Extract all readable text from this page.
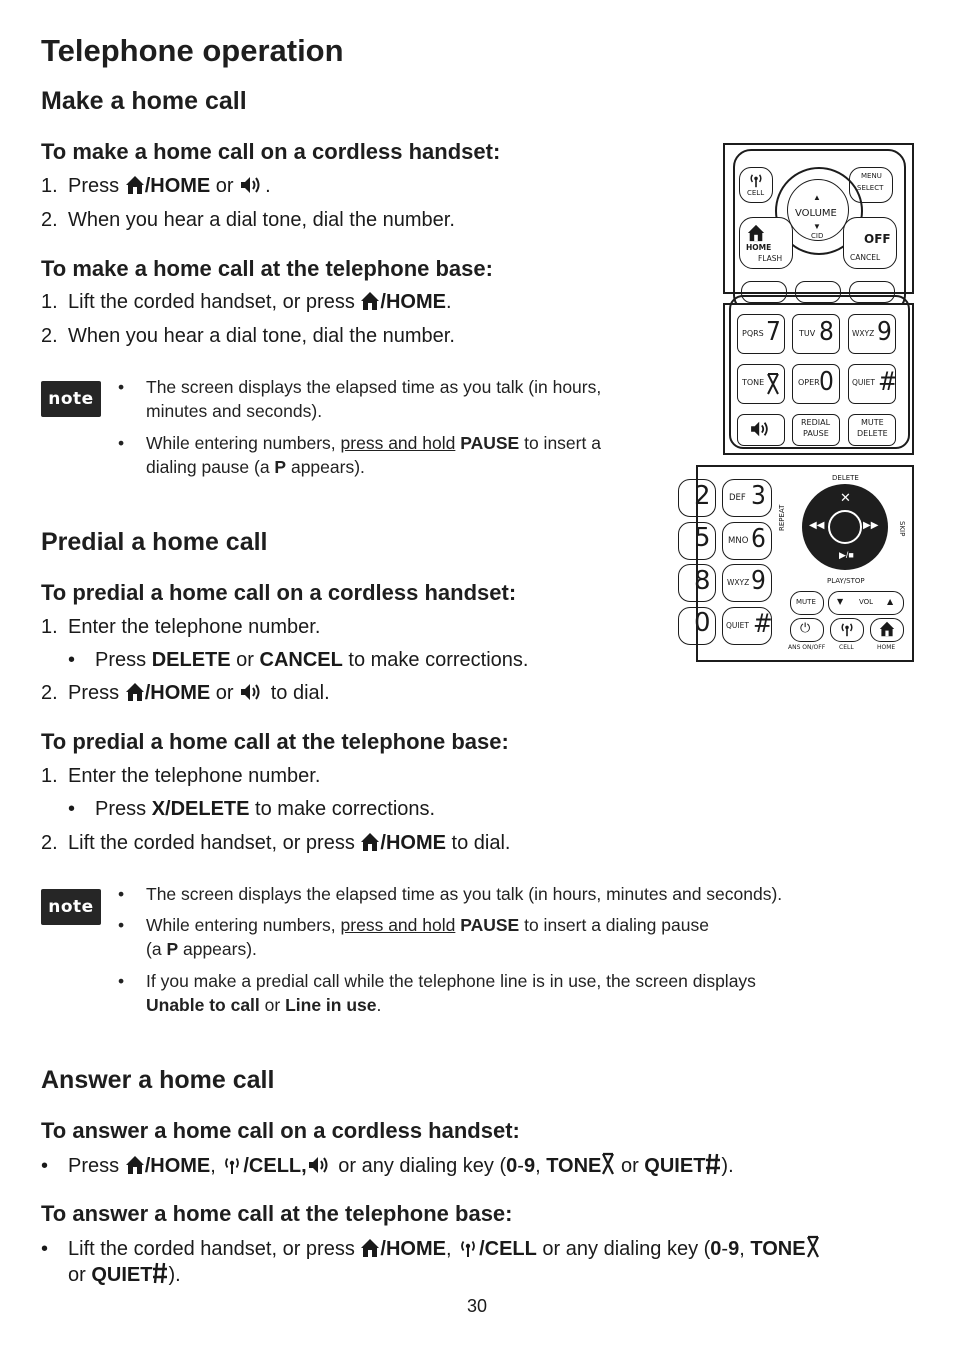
Telephone operation
Make a home call
To make a home call on a cordless handset:
1. Press /HOME or .
2. When you hear a dial tone, dial the number.
To make a home call at the telephone base:
1. Lift the corded handset, or press /HOME.
2. When you hear a dial tone, dial the number.
note
• The screen displays the elapsed time as you talk (in hours,
minutes and seconds).
• While entering numbers, press and hold PAUSE to insert a
dialing pause (a P appears).
Predial a home call
To predial a home call on a cordless handset:
1. Enter the telephone number.
• Press DELETE or CANCEL to make corrections.
2. Press /HOME or  to dial.
To predial a home call at the telephone base:
1. Enter the telephone number.
• Press X/DELETE to make corrections.
2. Lift the corded handset, or press /HOME to dial.
note
• The screen displays the elapsed time as you talk (in hours, minutes and seconds).
• While entering numbers, press and hold PAUSE to insert a dialing pause
(a P appears).
• If you make a predial call while the telephone line is in use, the screen displays
Unable to call or Line in use.
Answer a home call
To answer a home call on a cordless handset:
• Press /HOME, /CELL, or any dialing key (0-9, TONE or QUIET ).
To answer a home call at the telephone base:
• Lift the corded handset, or press /HOME, /CELL or any dialing key (0-9, TONE
or QUIET ).
30
CELL
MENU
SELECT
▲
VOLUME
▼
CID
HOME
FLASH
OFF
CANCEL
PQRS 7 TUV 8 WXYZ 9
TONE	OPER 0 QUIET #
REDIAL
PAUSE
MUTE
DELETE
2
5
8
0
DEF 3
MNO 6
WXYZ 9
QUIET #
DELETE
REPEAT	SKIP
✕
◀◀	▶▶
▶/■
PLAY/STOP
MUTE	▼ VOL ▲
⏻
ANS ON/OFF CELL	HOME
